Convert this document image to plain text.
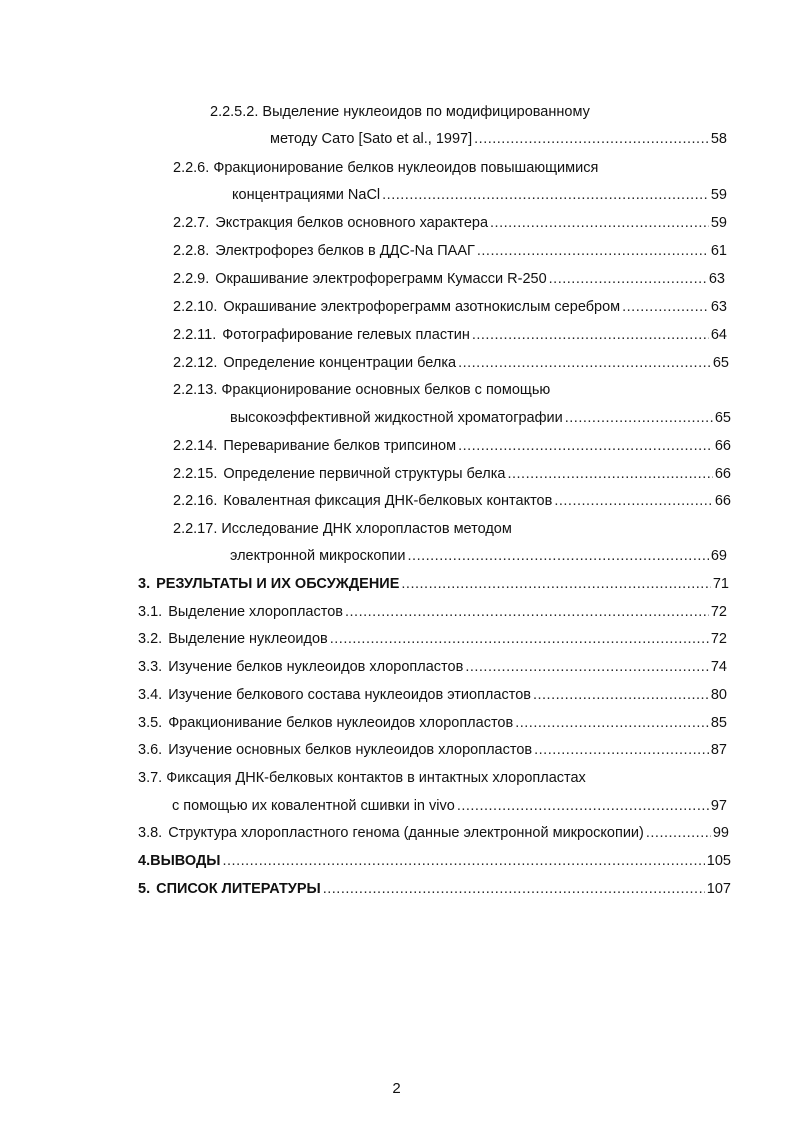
2.2.5.2. Выделение нуклеоидов по модифицированному
методу Сато [Sato et al., 1997] .....	58
2.2.6. Фракционирование белков нуклеоидов повышающимися
концентрациями NaCl .....	59
2.2.7. Экстракция белков основного характера .....	59
2.2.8. Электрофорез белков в ДДС-Na ПААГ .....	61
2.2.9. Окрашивание электрофореграмм Кумасси R-250 .....	63
2.2.10. Окрашивание электрофореграмм азотнокислым серебром .....	63
2.2.11. Фотографирование гелевых пластин .....	64
2.2.12. Определение концентрации белка .....	65
2.2.13. Фракционирование основных белков с помощью
высокоэффективной жидкостной хроматографии .....	65
2.2.14. Переваривание белков трипсином .....	66
2.2.15. Определение первичной структуры белка .....	66
2.2.16. Ковалентная фиксация ДНК-белковых контактов .....	66
2.2.17. Исследование ДНК хлоропластов методом
электронной микроскопии .....	69
3. РЕЗУЛЬТАТЫ И ИХ ОБСУЖДЕНИЕ .....	71
3.1. Выделение хлоропластов .....	72
3.2. Выделение нуклеоидов .....	72
3.3. Изучение белков нуклеоидов хлоропластов .....	74
3.4. Изучение белкового состава нуклеоидов этиопластов .....	80
3.5. Фракционивание белков нуклеоидов хлоропластов .....	85
3.6. Изучение основных белков нуклеоидов хлоропластов .....	87
3.7. Фиксация ДНК-белковых контактов в интактных хлоропластах
с помощью их ковалентной сшивки in vivo .....	97
3.8. Структура хлоропластного генома (данные электронной микроскопии) .....	99
4.ВЫВОДЫ .....	105
5. СПИСОК ЛИТЕРАТУРЫ .....	107
2
